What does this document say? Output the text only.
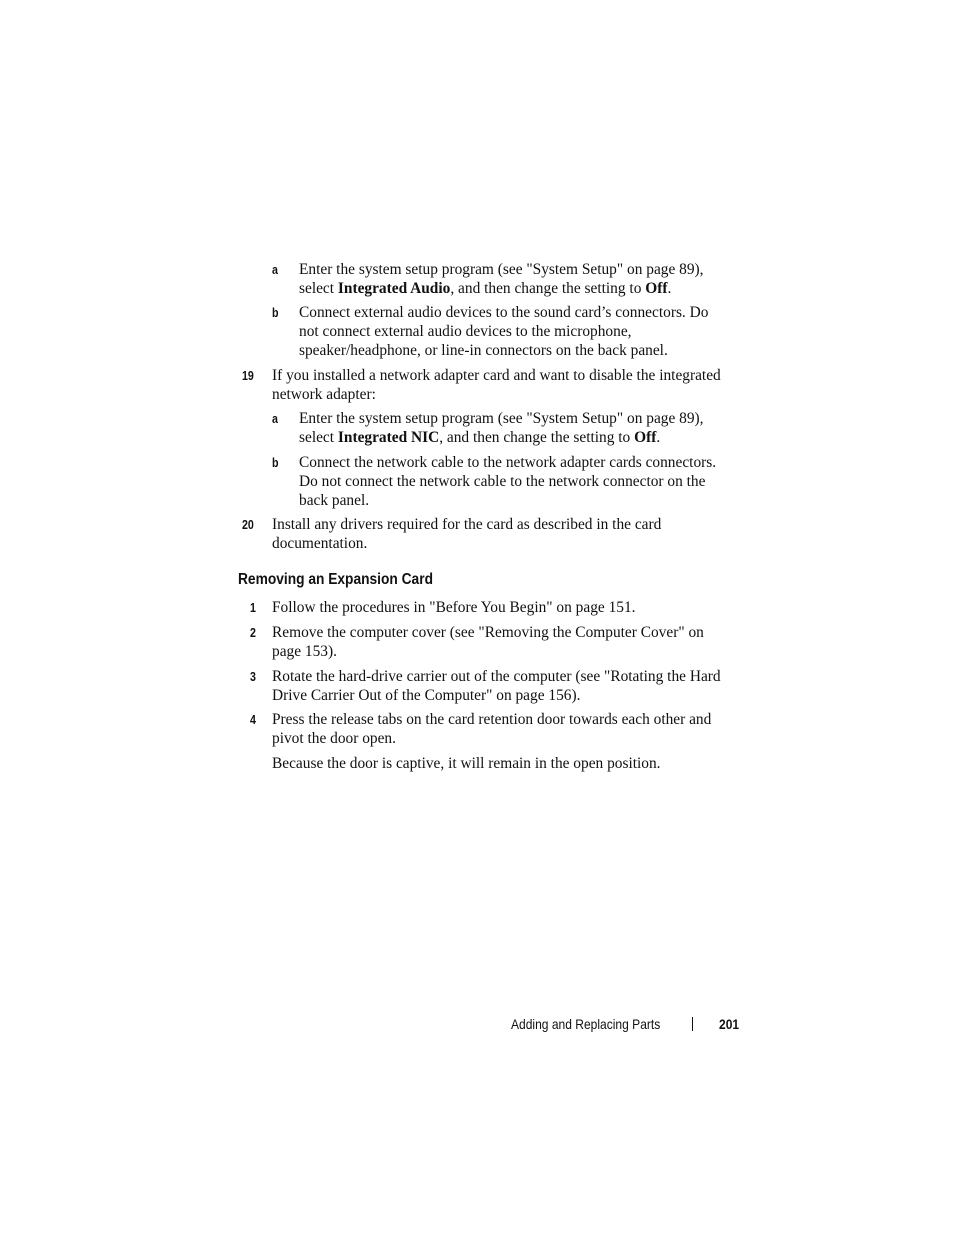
a Enter the system setup program (see "System Setup" on page 89),
select Integrated Audio, and then change the setting to Off.
b Connect external audio devices to the sound card’s connectors. Do
not connect external audio devices to the microphone,
speaker/headphone, or line-in connectors on the back panel.
19 If you installed a network adapter card and want to disable the integrated
network adapter:
a Enter the system setup program (see "System Setup" on page 89),
select Integrated NIC, and then change the setting to Off.
b Connect the network cable to the network adapter cards connectors.
Do not connect the network cable to the network connector on the
back panel.
20 Install any drivers required for the card as described in the card
documentation.
Removing an Expansion Card
1 Follow the procedures in "Before You Begin" on page 151.
2 Remove the computer cover (see "Removing the Computer Cover" on
page 153).
3 Rotate the hard-drive carrier out of the computer (see "Rotating the Hard
Drive Carrier Out of the Computer" on page 156).
4 Press the release tabs on the card retention door towards each other and
pivot the door open.
Because the door is captive, it will remain in the open position.
Adding and Replacing Parts	201
